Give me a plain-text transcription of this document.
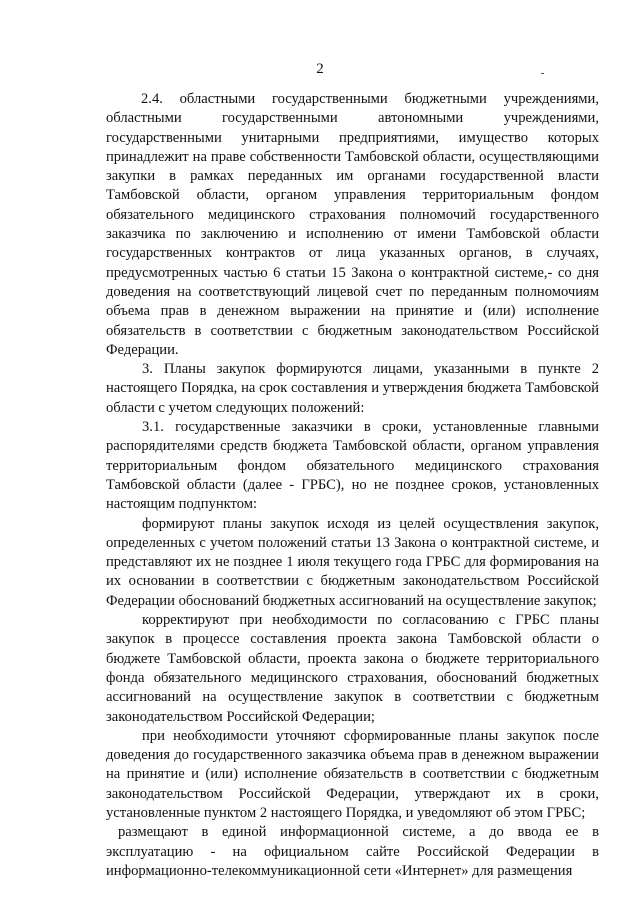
2

2.4. областными государственными бюджетными учреждениями, областными государственными автономными учреждениями, государственными унитарными предприятиями, имущество которых принадлежит на праве собственности Тамбовской области, осуществляющими закупки в рамках переданных им органами государственной власти Тамбовской области, органом управления территориальным фондом обязательного медицинского страхования полномочий государственного заказчика по заключению и исполнению от имени Тамбовской области государственных контрактов от лица указанных органов, в случаях, предусмотренных частью 6 статьи 15 Закона о контрактной системе,- со дня доведения на соответствующий лицевой счет по переданным полномочиям объема прав в денежном выражении на принятие и (или) исполнение обязательств в соответствии с бюджетным законодательством Российской Федерации.

3. Планы закупок формируются лицами, указанными в пункте 2 настоящего Порядка, на срок составления и утверждения бюджета Тамбовской области с учетом следующих положений:

3.1. государственные заказчики в сроки, установленные главными распорядителями средств бюджета Тамбовской области, органом управления территориальным фондом обязательного медицинского страхования Тамбовской области (далее - ГРБС), но не позднее сроков, установленных настоящим подпунктом:

формируют планы закупок исходя из целей осуществления закупок, определенных с учетом положений статьи 13 Закона о контрактной системе, и представляют их не позднее 1 июля текущего года ГРБС для формирования на их основании в соответствии с бюджетным законодательством Российской Федерации обоснований бюджетных ассигнований на осуществление закупок;

корректируют при необходимости по согласованию с ГРБС планы закупок в процессе составления проекта закона Тамбовской области о бюджете Тамбовской области, проекта закона о бюджете территориального фонда обязательного медицинского страхования, обоснований бюджетных ассигнований на осуществление закупок в соответствии с бюджетным законодательством Российской Федерации;

при необходимости уточняют сформированные планы закупок после доведения до государственного заказчика объема прав в денежном выражении на принятие и (или) исполнение обязательств в соответствии с бюджетным законодательством Российской Федерации, утверждают их в сроки, установленные пунктом 2 настоящего Порядка, и уведомляют об этом ГРБС;

размещают в единой информационной системе, а до ввода ее в эксплуатацию - на официальном сайте Российской Федерации в информационно-телекоммуникационной сети «Интернет» для размещения
